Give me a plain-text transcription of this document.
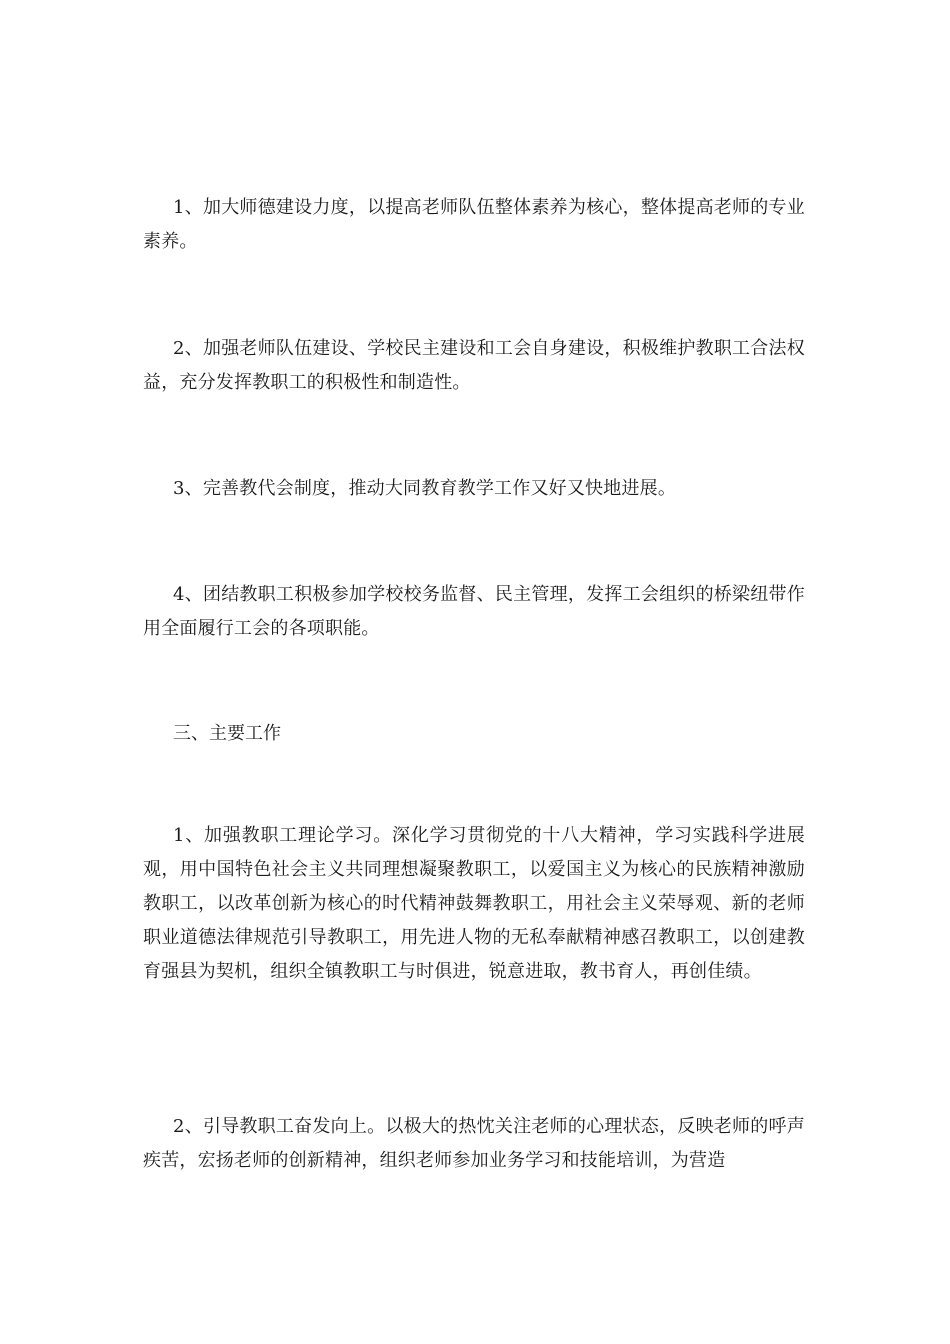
1、加大师德建设力度，以提高老师队伍整体素养为核心，整体提高老师的专业素养。

2、加强老师队伍建设、学校民主建设和工会自身建设，积极维护教职工合法权益，充分发挥教职工的积极性和制造性。

3、完善教代会制度，推动大同教育教学工作又好又快地进展。

4、团结教职工积极参加学校校务监督、民主管理，发挥工会组织的桥梁纽带作用全面履行工会的各项职能。

三、主要工作

1、加强教职工理论学习。深化学习贯彻党的十八大精神，学习实践科学进展观，用中国特色社会主义共同理想凝聚教职工，以爱国主义为核心的民族精神激励教职工，以改革创新为核心的时代精神鼓舞教职工，用社会主义荣辱观、新的老师职业道德法律规范引导教职工，用先进人物的无私奉献精神感召教职工，以创建教育强县为契机，组织全镇教职工与时俱进，锐意进取，教书育人，再创佳绩。

2、引导教职工奋发向上。以极大的热忱关注老师的心理状态，反映老师的呼声疾苦，宏扬老师的创新精神，组织老师参加业务学习和技能培训，为营造
